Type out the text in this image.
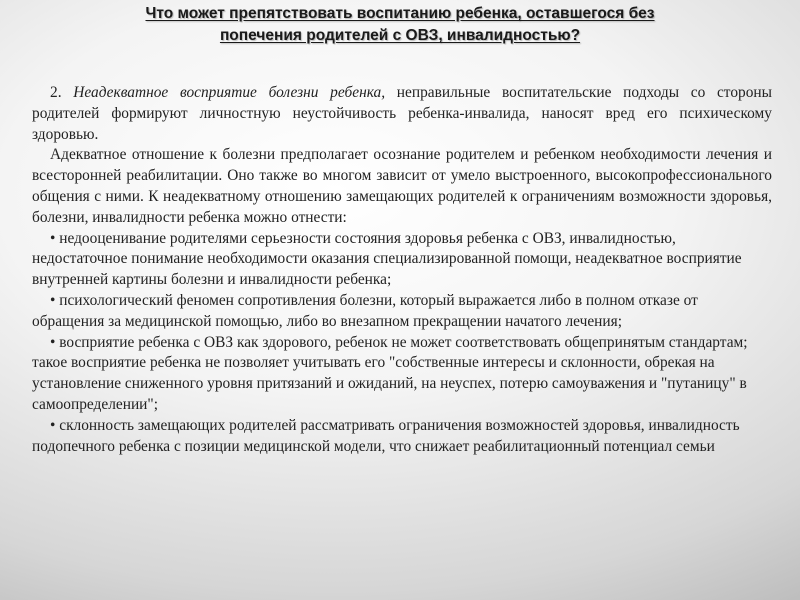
Что может препятствовать воспитанию ребенка, оставшегося без
попечения родителей с ОВЗ, инвалидностью?

2. Неадекватное восприятие болезни ребенка, неправильные воспитательские подходы со стороны родителей формируют личностную неустойчивость ребенка-инвалида, наносят вред его психическому здоровью.

Адекватное отношение к болезни предполагает осознание родителем и ребенком необходимости лечения и всесторонней реабилитации. Оно также во многом зависит от умело выстроенного, высокопрофессионального общения с ними. К неадекватному отношению замещающих родителей к ограничениям возможности здоровья, болезни, инвалидности ребенка можно отнести:

• недооценивание родителями серьезности состояния здоровья ребенка с ОВЗ, инвалидностью, недостаточное понимание необходимости оказания специализированной помощи, неадекватное восприятие внутренней картины болезни и инвалидности ребенка;

• психологический феномен сопротивления болезни, который выражается либо в полном отказе от обращения за медицинской помощью, либо во внезапном прекращении начатого лечения;

• восприятие ребенка с ОВЗ как здорового, ребенок не может соответствовать общепринятым стандартам; такое восприятие ребенка не позволяет учитывать его "собственные интересы и склонности, обрекая на установление сниженного уровня притязаний и ожиданий, на неуспех, потерю самоуважения и "путаницу" в самоопределении";

• склонность замещающих родителей рассматривать ограничения возможностей здоровья, инвалидность подопечного ребенка с позиции медицинской модели, что снижает реабилитационный потенциал семьи
